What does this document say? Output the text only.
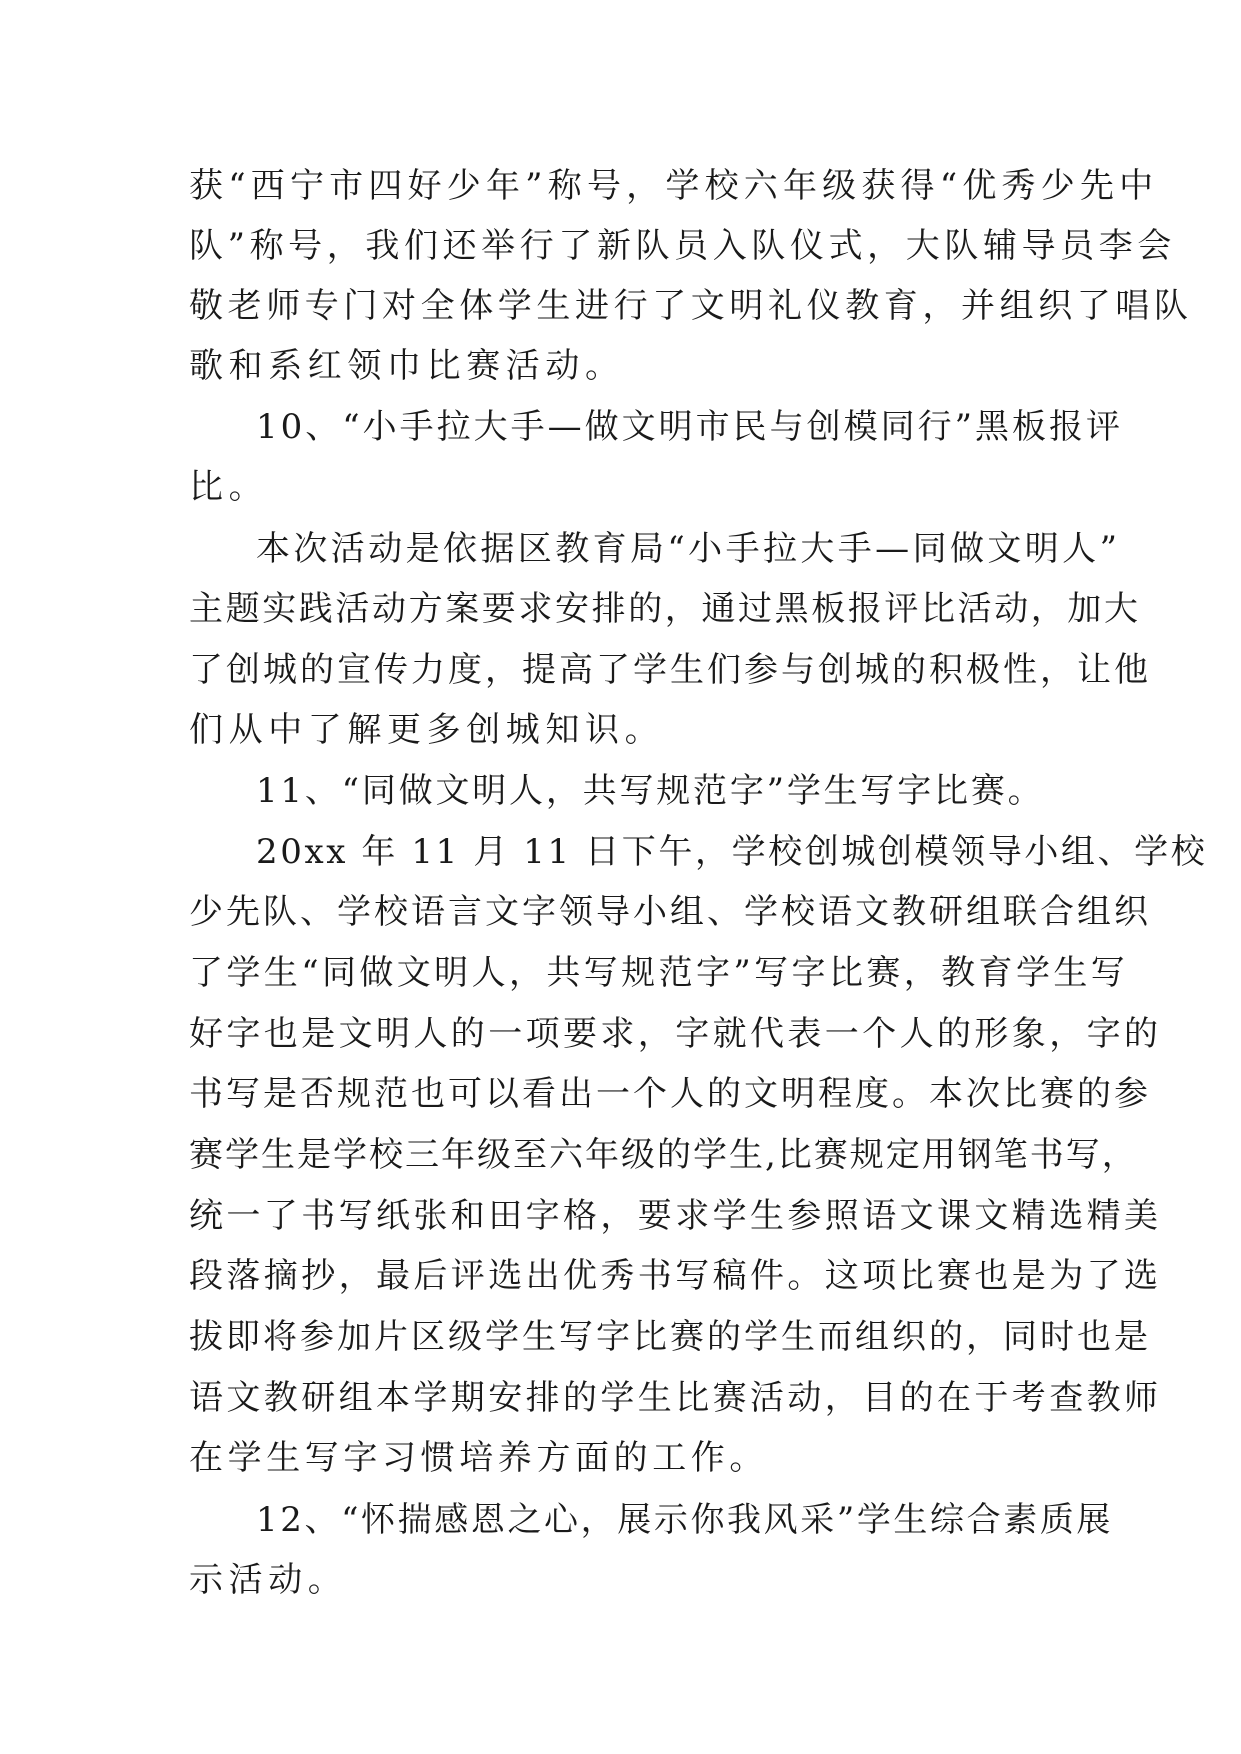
获“西宁市四好少年”称号，学校六年级获得“优秀少先中
队”称号，我们还举行了新队员入队仪式，大队辅导员李会
敬老师专门对全体学生进行了文明礼仪教育，并组织了唱队
歌和系红领巾比赛活动。
10、“小手拉大手—做文明市民与创模同行”黑板报评
比。
本次活动是依据区教育局“小手拉大手—同做文明人”
主题实践活动方案要求安排的，通过黑板报评比活动，加大
了创城的宣传力度，提高了学生们参与创城的积极性，让他
们从中了解更多创城知识。
11、“同做文明人，共写规范字”学生写字比赛。
20xx 年 11 月 11 日下午，学校创城创模领导小组、学校
少先队、学校语言文字领导小组、学校语文教研组联合组织
了学生“同做文明人，共写规范字”写字比赛，教育学生写
好字也是文明人的一项要求，字就代表一个人的形象，字的
书写是否规范也可以看出一个人的文明程度。本次比赛的参
赛学生是学校三年级至六年级的学生,比赛规定用钢笔书写，
统一了书写纸张和田字格，要求学生参照语文课文精选精美
段落摘抄，最后评选出优秀书写稿件。这项比赛也是为了选
拔即将参加片区级学生写字比赛的学生而组织的，同时也是
语文教研组本学期安排的学生比赛活动，目的在于考查教师
在学生写字习惯培养方面的工作。
12、“怀揣感恩之心，展示你我风采”学生综合素质展
示活动。
